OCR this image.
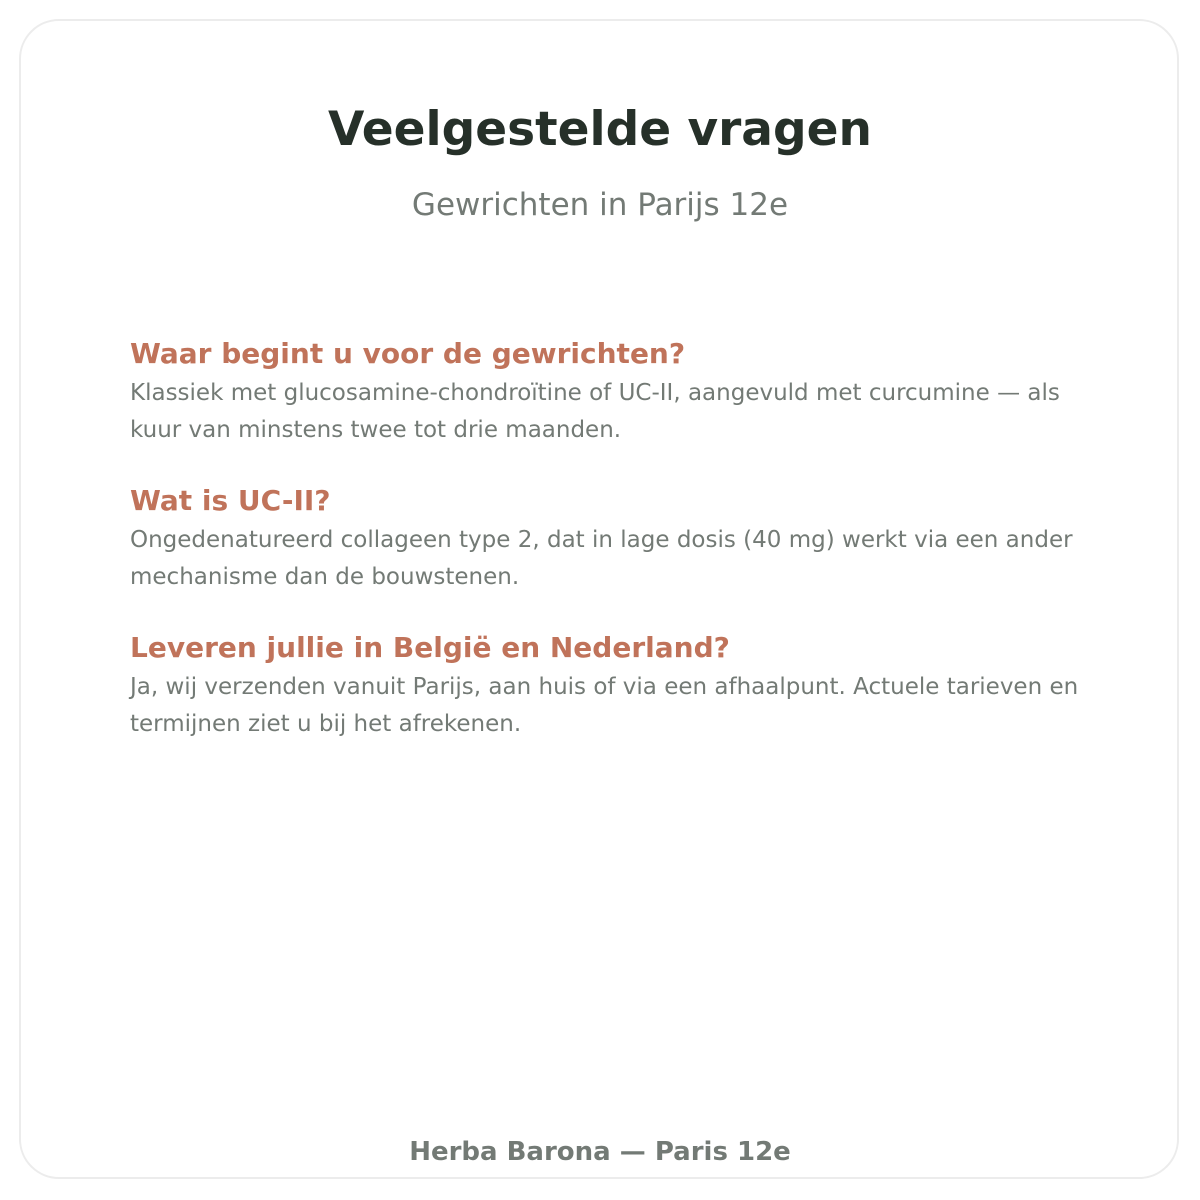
Veelgestelde vragen
Gewrichten in Parijs 12e
Waar begint u voor de gewrichten?

Klassiek met glucosamine-chondroïtine of UC-II, aangevuld met curcumine — als kuur van minstens twee tot drie maanden.

Wat is UC-II?

Ongedenatureerd collageen type 2, dat in lage dosis (40 mg) werkt via een ander mechanisme dan de bouwstenen.

Leveren jullie in België en Nederland?

Ja, wij verzenden vanuit Parijs, aan huis of via een afhaalpunt. Actuele tarieven en termijnen ziet u bij het afrekenen.

Herba Barona — Paris 12e
